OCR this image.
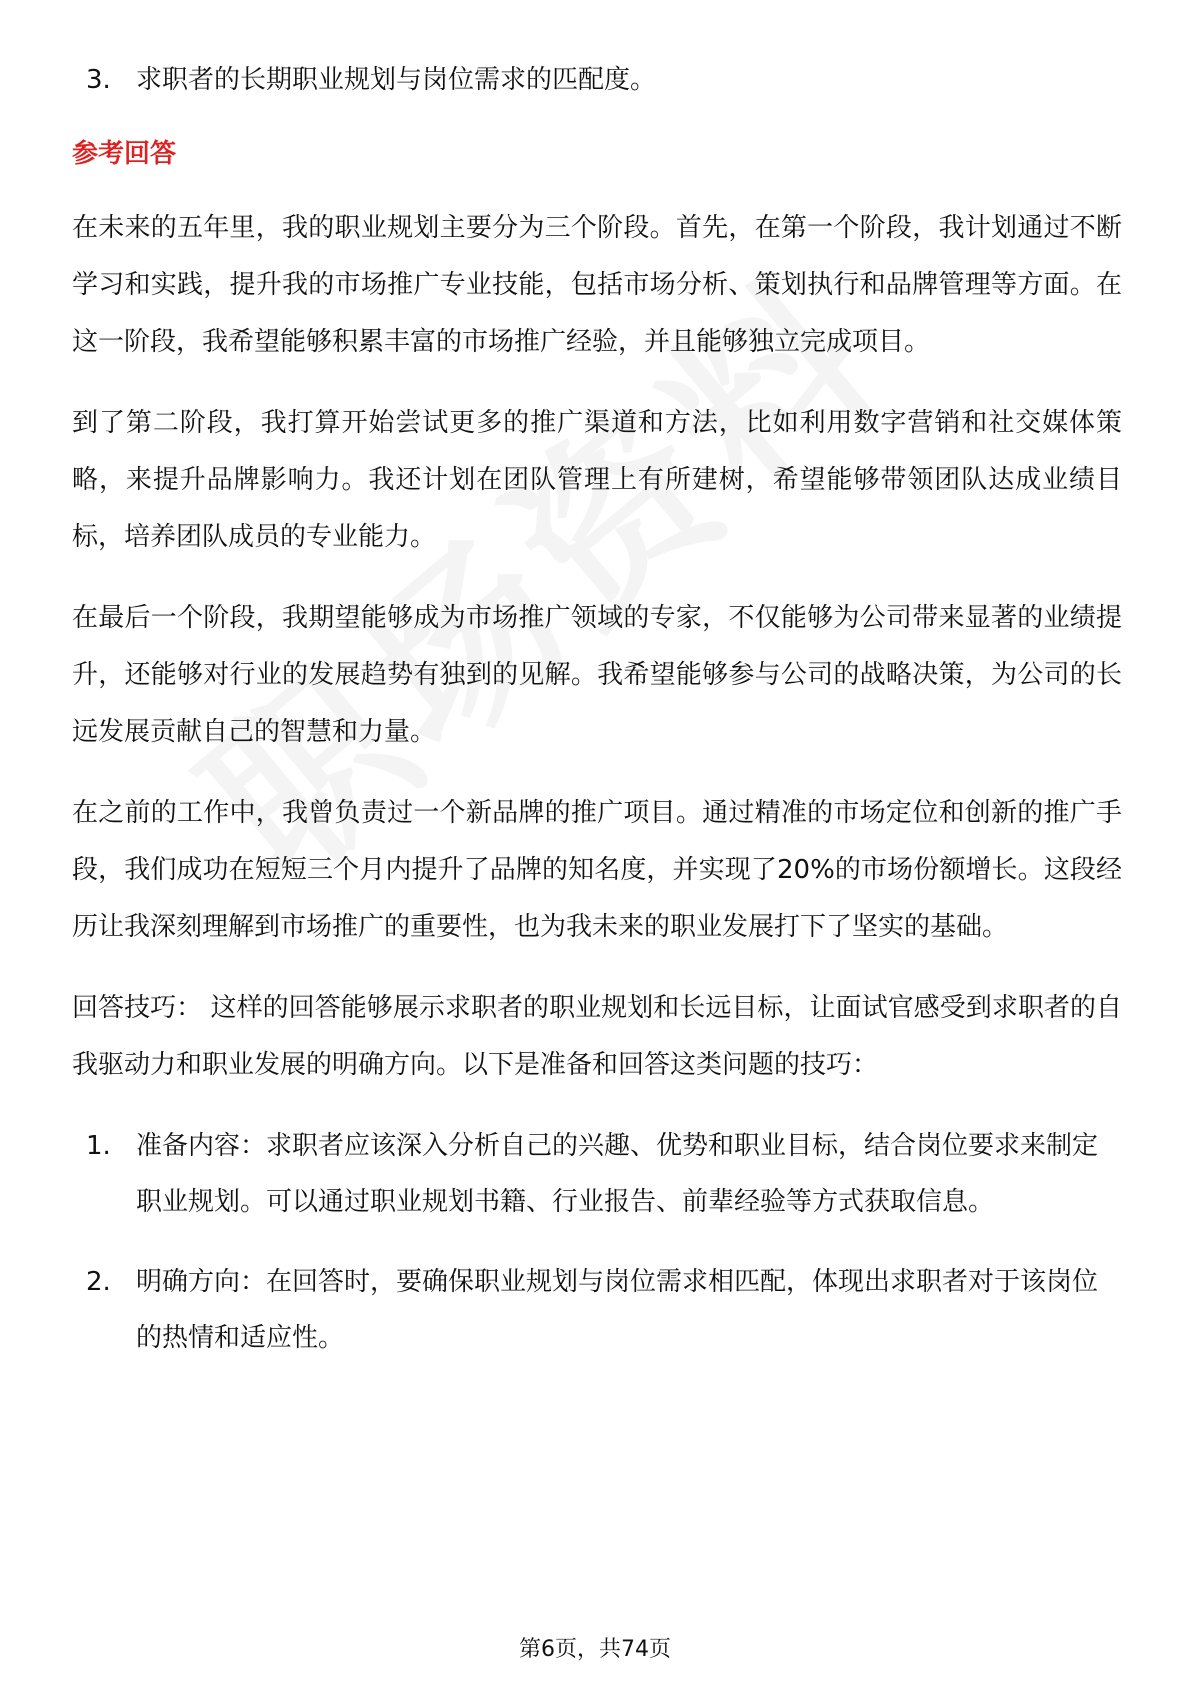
3. 求职者的长期职业规划与岗位需求的匹配度。
参考回答

在未来的五年里，我的职业规划主要分为三个阶段。首先，在第一个阶段，我计划通过不断学习和实践，提升我的市场推广专业技能，包括市场分析、策划执行和品牌管理等方面。在这一阶段，我希望能够积累丰富的市场推广经验，并且能够独立完成项目。

到了第二阶段，我打算开始尝试更多的推广渠道和方法，比如利用数字营销和社交媒体策略，来提升品牌影响力。我还计划在团队管理上有所建树，希望能够带领团队达成业绩目标，培养团队成员的专业能力。

在最后一个阶段，我期望能够成为市场推广领域的专家，不仅能够为公司带来显著的业绩提升，还能够对行业的发展趋势有独到的见解。我希望能够参与公司的战略决策，为公司的长远发展贡献自己的智慧和力量。

在之前的工作中，我曾负责过一个新品牌的推广项目。通过精准的市场定位和创新的推广手段，我们成功在短短三个月内提升了品牌的知名度，并实现了20%的市场份额增长。这段经历让我深刻理解到市场推广的重要性，也为我未来的职业发展打下了坚实的基础。

回答技巧： 这样的回答能够展示求职者的职业规划和长远目标，让面试官感受到求职者的自我驱动力和职业发展的明确方向。以下是准备和回答这类问题的技巧：

1. 准备内容：求职者应该深入分析自己的兴趣、优势和职业目标，结合岗位要求来制定职业规划。可以通过职业规划书籍、行业报告、前辈经验等方式获取信息。
2. 明确方向：在回答时，要确保职业规划与岗位需求相匹配，体现出求职者对于该岗位的热情和适应性。
第6页，共74页
